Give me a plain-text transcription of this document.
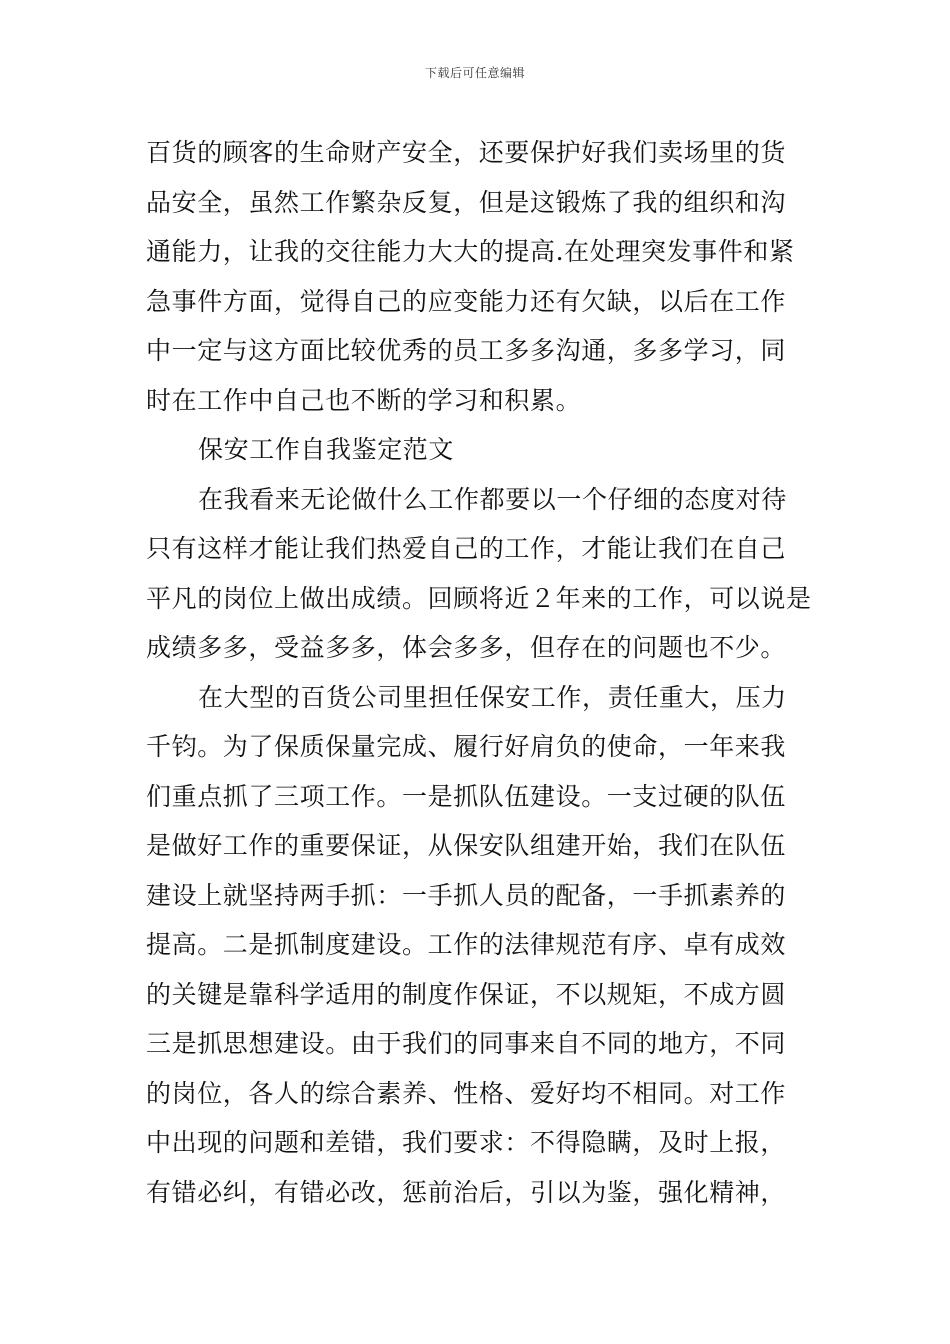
下载后可任意编辑
百货的顾客的生命财产安全，还要保护好我们卖场里的货
品安全，虽然工作繁杂反复，但是这锻炼了我的组织和沟
通能力，让我的交往能力大大的提高.在处理突发事件和紧
急事件方面，觉得自己的应变能力还有欠缺，以后在工作
中一定与这方面比较优秀的员工多多沟通，多多学习，同
时在工作中自己也不断的学习和积累。
保安工作自我鉴定范文
在我看来无论做什么工作都要以一个仔细的态度对待
只有这样才能让我们热爱自己的工作，才能让我们在自己
平凡的岗位上做出成绩。回顾将近２年来的工作，可以说是
成绩多多，受益多多，体会多多，但存在的问题也不少。
在大型的百货公司里担任保安工作，责任重大，压力
千钧。为了保质保量完成、履行好肩负的使命，一年来我
们重点抓了三项工作。一是抓队伍建设。一支过硬的队伍
是做好工作的重要保证，从保安队组建开始，我们在队伍
建设上就坚持两手抓：一手抓人员的配备，一手抓素养的
提高。二是抓制度建设。工作的法律规范有序、卓有成效
的关键是靠科学适用的制度作保证，不以规矩，不成方圆
三是抓思想建设。由于我们的同事来自不同的地方，不同
的岗位，各人的综合素养、性格、爱好均不相同。对工作
中出现的问题和差错，我们要求：不得隐瞒，及时上报，
有错必纠，有错必改，惩前治后，引以为鉴，强化精神，
